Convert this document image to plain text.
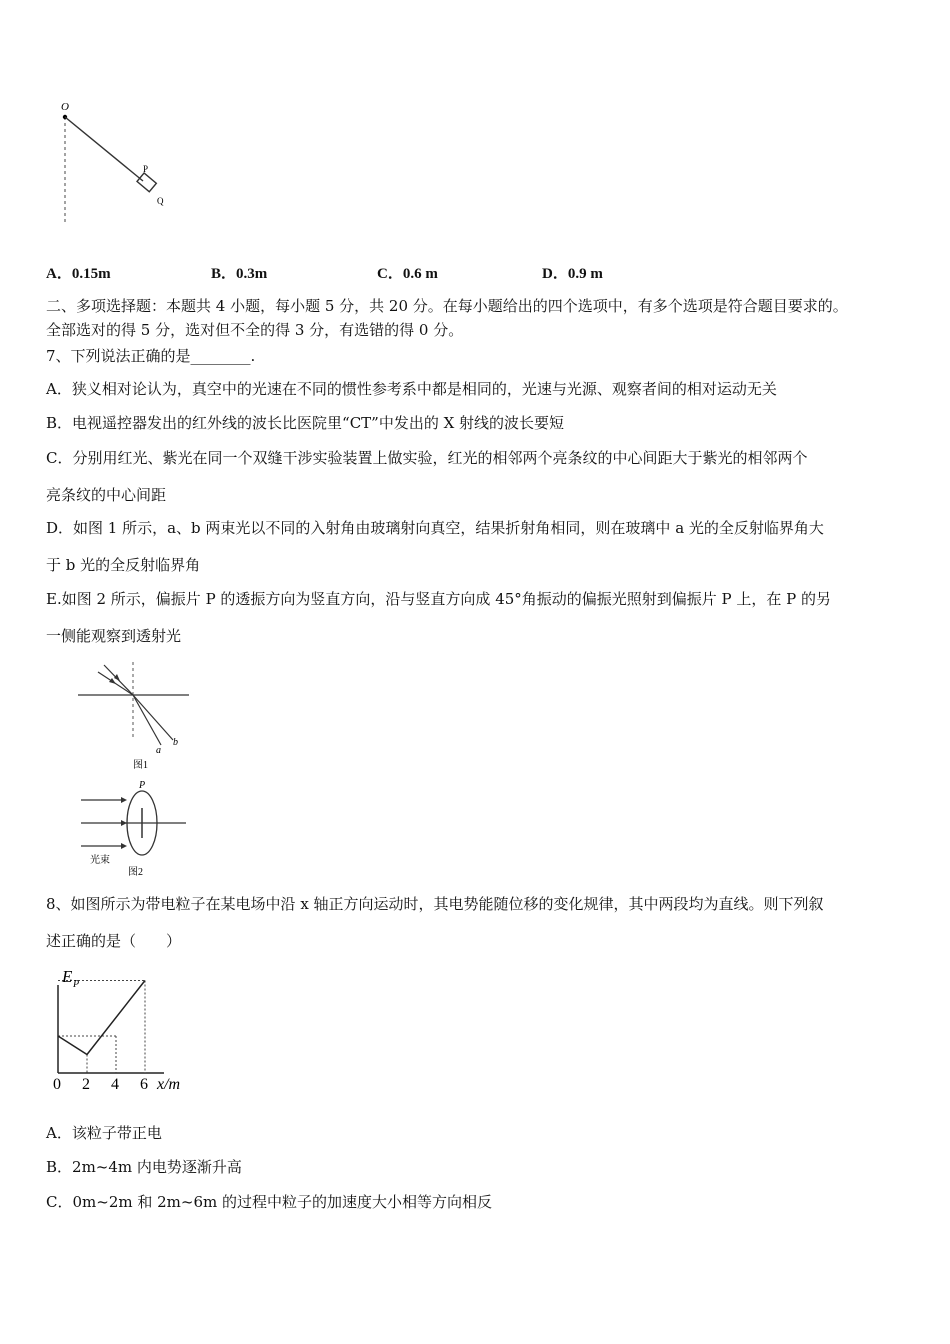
O
P
Q
A．0.15m	B．0.3m	C．0.6 m	D．0.9 m
二、多项选择题：本题共 4 小题，每小题 5 分，共 20 分。在每小题给出的四个选项中，有多个选项是符合题目要求的。
全部选对的得 5 分，选对但不全的得 3 分，有选错的得 0 分。
7、下列说法正确的是________.
A．狭义相对论认为，真空中的光速在不同的惯性参考系中都是相同的，光速与光源、观察者间的相对运动无关
B．电视遥控器发出的红外线的波长比医院里“CT”中发出的 X 射线的波长要短
C．分别用红光、紫光在同一个双缝干涉实验装置上做实验，红光的相邻两个亮条纹的中心间距大于紫光的相邻两个
亮条纹的中心间距
D．如图 1 所示，a、b 两束光以不同的入射角由玻璃射向真空，结果折射角相同，则在玻璃中 a 光的全反射临界角大
于 b 光的全反射临界角
E.如图 2 所示，偏振片 P 的透振方向为竖直方向，沿与竖直方向成 45°角振动的偏振光照射到偏振片 P 上，在 P 的另
一侧能观察到透射光
a
b
图1
P
光束
图2
8、如图所示为带电粒子在某电场中沿 x 轴正方向运动时，其电势能随位移的变化规律，其中两段均为直线。则下列叙
述正确的是（　　）
E P
x/m
0 2 4 6
A．该粒子带正电
B．2m~4m 内电势逐渐升高
C．0m~2m 和 2m~6m 的过程中粒子的加速度大小相等方向相反
